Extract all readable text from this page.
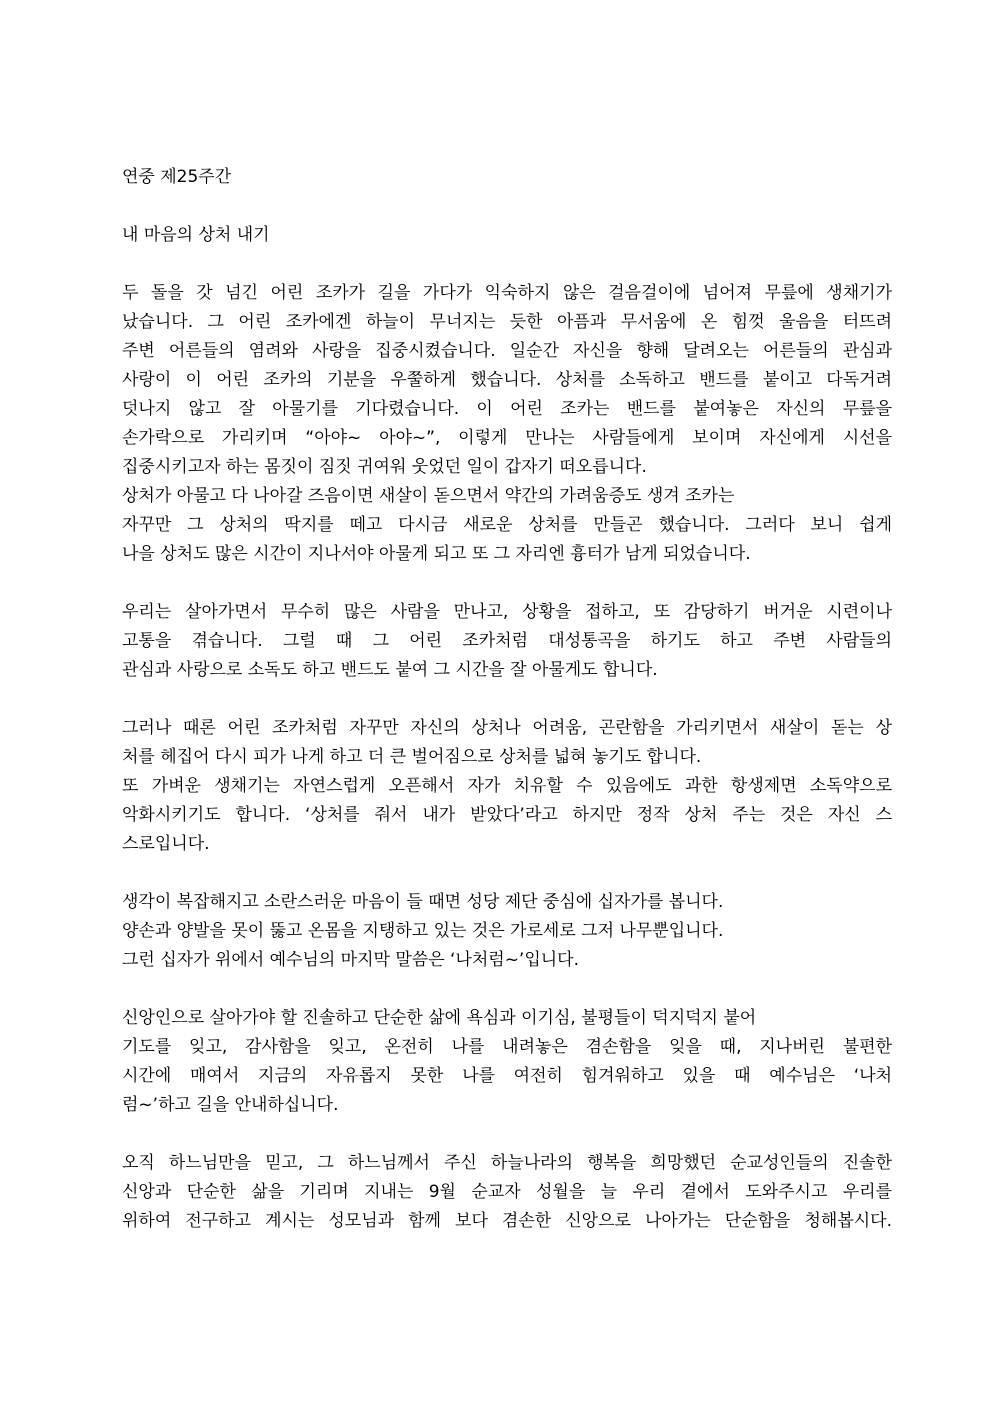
연중 제25주간
내 마음의 상처 내기
두 돌을 갓 넘긴 어린 조카가 길을 가다가 익숙하지 않은 걸음걸이에 넘어져 무릎에 생채기가
났습니다. 그 어린 조카에겐 하늘이 무너지는 듯한 아픔과 무서움에 온 힘껏 울음을 터뜨려
주변 어른들의 염려와 사랑을 집중시켰습니다. 일순간 자신을 향해 달려오는 어른들의 관심과
사랑이 이 어린 조카의 기분을 우쭐하게 했습니다. 상처를 소독하고 밴드를 붙이고 다독거려
덧나지 않고 잘 아물기를 기다렸습니다. 이 어린 조카는 밴드를 붙여놓은 자신의 무릎을
손가락으로 가리키며 “아야~ 아야~”, 이렇게 만나는 사람들에게 보이며 자신에게 시선을
집중시키고자 하는 몸짓이 짐짓 귀여워 웃었던 일이 갑자기 떠오릅니다.
상처가 아물고 다 나아갈 즈음이면 새살이 돋으면서 약간의 가려움증도 생겨 조카는
자꾸만 그 상처의 딱지를 떼고 다시금 새로운 상처를 만들곤 했습니다. 그러다 보니 쉽게
나을 상처도 많은 시간이 지나서야 아물게 되고 또 그 자리엔 흉터가 남게 되었습니다.
우리는 살아가면서 무수히 많은 사람을 만나고, 상황을 접하고, 또 감당하기 버거운 시련이나
고통을 겪습니다. 그럴 때 그 어린 조카처럼 대성통곡을 하기도 하고 주변 사람들의
관심과 사랑으로 소독도 하고 밴드도 붙여 그 시간을 잘 아물게도 합니다.
그러나 때론 어린 조카처럼 자꾸만 자신의 상처나 어려움, 곤란함을 가리키면서 새살이 돋는 상
처를 헤집어 다시 피가 나게 하고 더 큰 벌어짐으로 상처를 넓혀 놓기도 합니다.
또 가벼운 생채기는 자연스럽게 오픈해서 자가 치유할 수 있음에도 과한 항생제면 소독약으로
악화시키기도 합니다. ‘상처를 줘서 내가 받았다’라고 하지만 정작 상처 주는 것은 자신 스
스로입니다.
생각이 복잡해지고 소란스러운 마음이 들 때면 성당 제단 중심에 십자가를 봅니다.
양손과 양발을 못이 뚫고 온몸을 지탱하고 있는 것은 가로세로 그저 나무뿐입니다.
그런 십자가 위에서 예수님의 마지막 말씀은 ‘나처럼~’입니다.
신앙인으로 살아가야 할 진솔하고 단순한 삶에 욕심과 이기심, 불평들이 덕지덕지 붙어
기도를 잊고, 감사함을 잊고, 온전히 나를 내려놓은 겸손함을 잊을 때, 지나버린 불편한
시간에 매여서 지금의 자유롭지 못한 나를 여전히 힘겨워하고 있을 때 예수님은 ‘나처
럼~’하고 길을 안내하십니다.
오직 하느님만을 믿고, 그 하느님께서 주신 하늘나라의 행복을 희망했던 순교성인들의 진솔한
신앙과 단순한 삶을 기리며 지내는 9월 순교자 성월을 늘 우리 곁에서 도와주시고 우리를
위하여 전구하고 계시는 성모님과 함께 보다 겸손한 신앙으로 나아가는 단순함을 청해봅시다.
